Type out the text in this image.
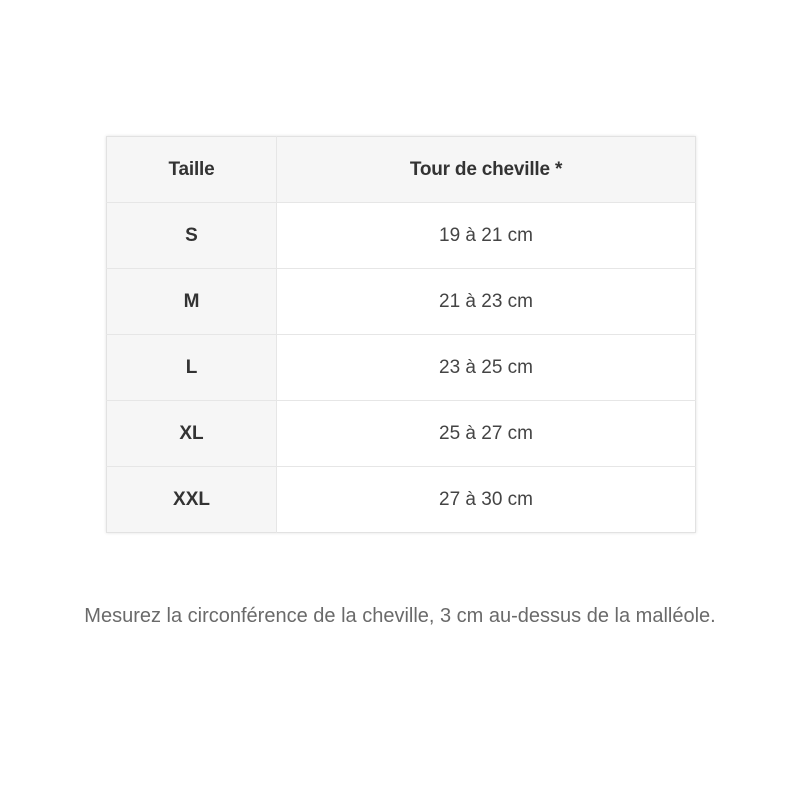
Taille	Tour de cheville *
S	19 à 21 cm
M	21 à 23 cm
L	23 à 25 cm
XL	25 à 27 cm
XXL	27 à 30 cm
Mesurez la circonférence de la cheville, 3 cm au-dessus de la malléole.
